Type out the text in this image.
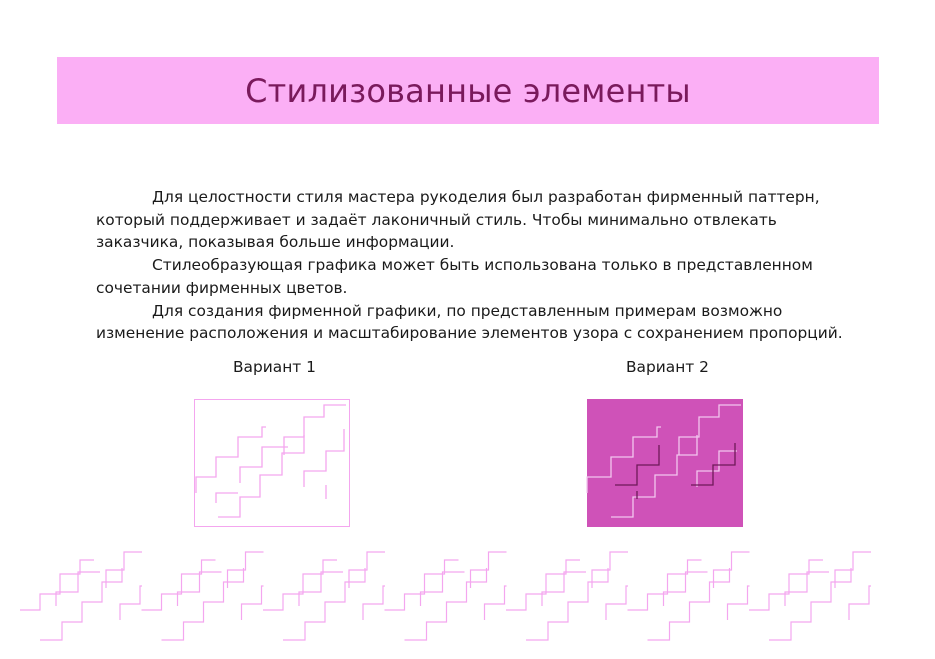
Стилизованные элементы

Для целостности стиля мастера рукоделия был разработан фирменный паттерн, который поддерживает и задаёт лаконичный стиль. Чтобы минимально отвлекать заказчика, показывая больше информации.

Стилеобразующая графика может быть использована только в представленном сочетании фирменных цветов.

Для создания фирменной графики, по представленным примерам возможно изменение расположения и масштабирование элементов узора с сохранением пропорций.

Вариант 1	Вариант 2
